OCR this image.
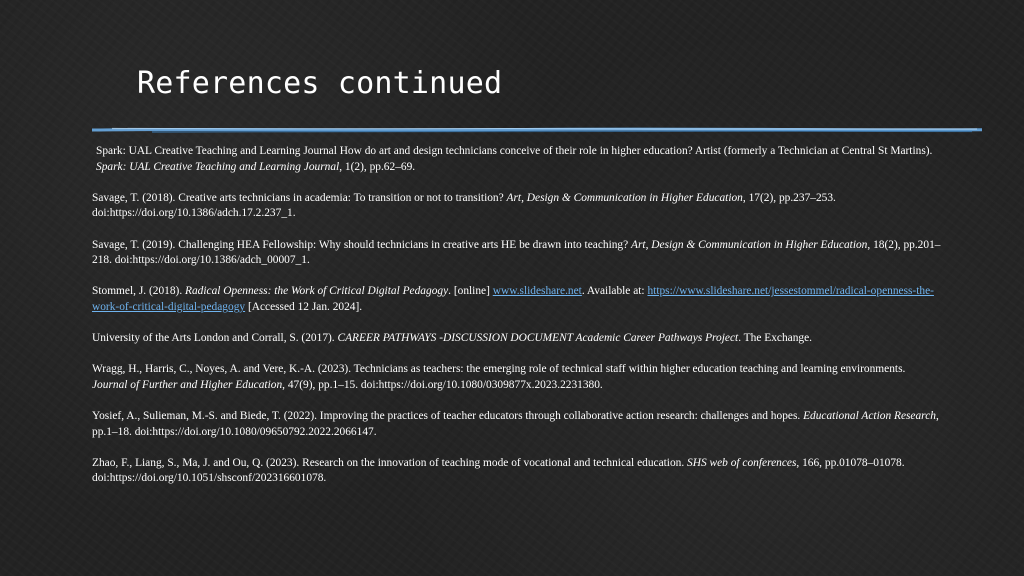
References continued

Spark: UAL Creative Teaching and Learning Journal How do art and design technicians conceive of their role in higher education? Artist (formerly a Technician at Central St Martins). Spark: UAL Creative Teaching and Learning Journal, 1(2), pp.62–69.

Savage, T. (2018). Creative arts technicians in academia: To transition or not to transition? Art, Design & Communication in Higher Education, 17(2), pp.237–253. doi:https://doi.org/10.1386/adch.17.2.237_1.

Savage, T. (2019). Challenging HEA Fellowship: Why should technicians in creative arts HE be drawn into teaching? Art, Design & Communication in Higher Education, 18(2), pp.201–218. doi:https://doi.org/10.1386/adch_00007_1.

Stommel, J. (2018). Radical Openness: the Work of Critical Digital Pedagogy. [online] www.slideshare.net. Available at: https://www.slideshare.net/jessestommel/radical-openness-the-work-of-critical-digital-pedagogy [Accessed 12 Jan. 2024].

University of the Arts London and Corrall, S. (2017). CAREER PATHWAYS -DISCUSSION DOCUMENT Academic Career Pathways Project. The Exchange.

Wragg, H., Harris, C., Noyes, A. and Vere, K.-A. (2023). Technicians as teachers: the emerging role of technical staff within higher education teaching and learning environments. Journal of Further and Higher Education, 47(9), pp.1–15. doi:https://doi.org/10.1080/0309877x.2023.2231380.

Yosief, A., Sulieman, M.-S. and Biede, T. (2022). Improving the practices of teacher educators through collaborative action research: challenges and hopes. Educational Action Research, pp.1–18. doi:https://doi.org/10.1080/09650792.2022.2066147.

Zhao, F., Liang, S., Ma, J. and Ou, Q. (2023). Research on the innovation of teaching mode of vocational and technical education. SHS web of conferences, 166, pp.01078–01078. doi:https://doi.org/10.1051/shsconf/202316601078.
